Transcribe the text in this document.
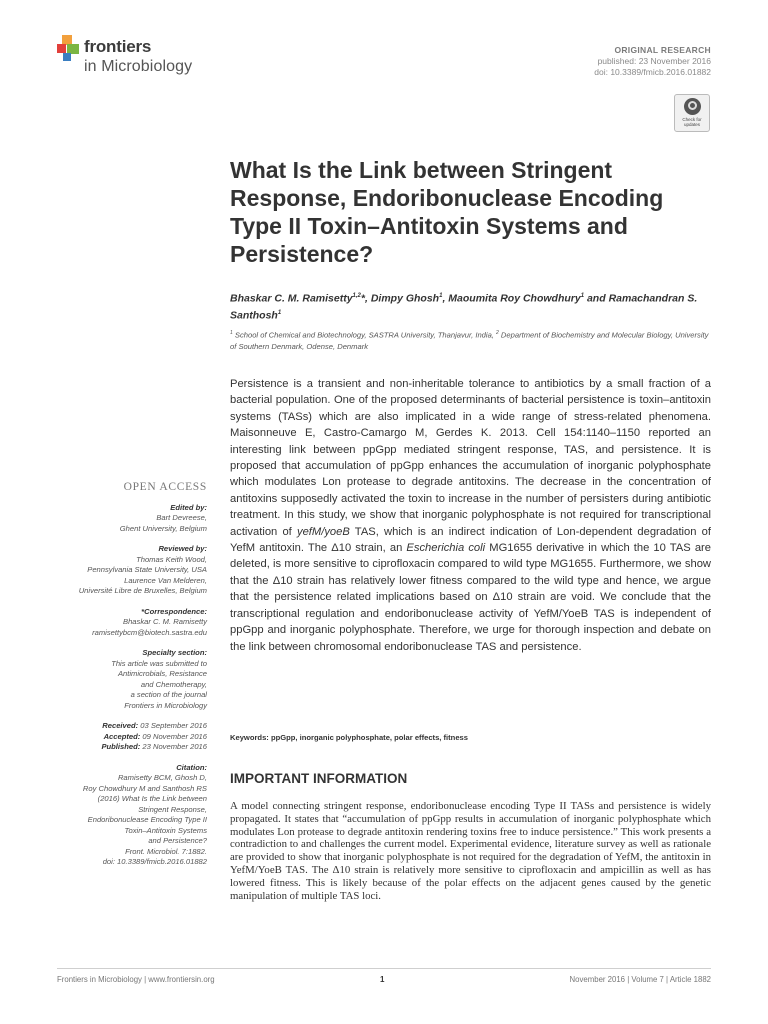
frontiers
in Microbiology
ORIGINAL RESEARCH
published: 23 November 2016
doi: 10.3389/fmicb.2016.01882
Check for updates
What Is the Link between Stringent Response, Endoribonuclease Encoding Type II Toxin–Antitoxin Systems and Persistence?
Bhaskar C. M. Ramisetty$^{1,2}$*, Dimpy Ghosh$^1$, Maoumita Roy Chowdhury$^1$ and Ramachandran S. Santhosh$^1$
$^1$ School of Chemical and Biotechnology, SASTRA University, Thanjavur, India, $^2$ Department of Biochemistry and Molecular Biology, University of Southern Denmark, Odense, Denmark

Persistence is a transient and non-inheritable tolerance to antibiotics by a small fraction of a bacterial population. One of the proposed determinants of bacterial persistence is toxin–antitoxin systems (TASs) which are also implicated in a wide range of stress-related phenomena. Maisonneuve E, Castro-Camargo M, Gerdes K. 2013. Cell 154:1140–1150 reported an interesting link between ppGpp mediated stringent response, TAS, and persistence. It is proposed that accumulation of ppGpp enhances the accumulation of inorganic polyphosphate which modulates Lon protease to degrade antitoxins. The decrease in the concentration of antitoxins supposedly activated the toxin to increase in the number of persisters during antibiotic treatment. In this study, we show that inorganic polyphosphate is not required for transcriptional activation of yefM/yoeB TAS, which is an indirect indication of Lon-dependent degradation of YefM antitoxin. The Δ10 strain, an Escherichia coli MG1655 derivative in which the 10 TAS are deleted, is more sensitive to ciprofloxacin compared to wild type MG1655. Furthermore, we show that the Δ10 strain has relatively lower fitness compared to the wild type and hence, we argue that the persistence related implications based on Δ10 strain are void. We conclude that the transcriptional regulation and endoribonuclease activity of YefM/YoeB TAS is independent of ppGpp and inorganic polyphosphate. Therefore, we urge for thorough inspection and debate on the link between chromosomal endoribonuclease TAS and persistence.

Keywords: ppGpp, inorganic polyphosphate, polar effects, fitness
IMPORTANT INFORMATION

A model connecting stringent response, endoribonuclease encoding Type II TASs and persistence is widely propagated. It states that “accumulation of ppGpp results in accumulation of inorganic polyphosphate which modulates Lon protease to degrade antitoxin rendering toxins free to induce persistence.” This work presents a contradiction to and challenges the current model. Experimental evidence, literature survey as well as rationale are provided to show that inorganic polyphosphate is not required for the degradation of YefM, the antitoxin in YefM/YoeB TAS. The Δ10 strain is relatively more sensitive to ciprofloxacin and ampicillin as well as has lowered fitness. This is likely because of the polar effects on the adjacent genes caused by the genetic manipulation of multiple TAS loci.

OPEN ACCESS
Edited by:
Bart Devreese,
Ghent University, Belgium
Reviewed by:
Thomas Keith Wood,
Pennsylvania State University, USA
Laurence Van Melderen,
Université Libre de Bruxelles, Belgium
*Correspondence:
Bhaskar C. M. Ramisetty
ramisettybcm@biotech.sastra.edu
Specialty section:
This article was submitted to
Antimicrobials, Resistance
and Chemotherapy,
a section of the journal
Frontiers in Microbiology
Received: 03 September 2016
Accepted: 09 November 2016
Published: 23 November 2016
Citation:
Ramisetty BCM, Ghosh D,
Roy Chowdhury M and Santhosh RS
(2016) What Is the Link between
Stringent Response,
Endoribonuclease Encoding Type II
Toxin–Antitoxin Systems
and Persistence?
Front. Microbiol. 7:1882.
doi: 10.3389/fmicb.2016.01882
Frontiers in Microbiology | www.frontiersin.org	1	November 2016 | Volume 7 | Article 1882
